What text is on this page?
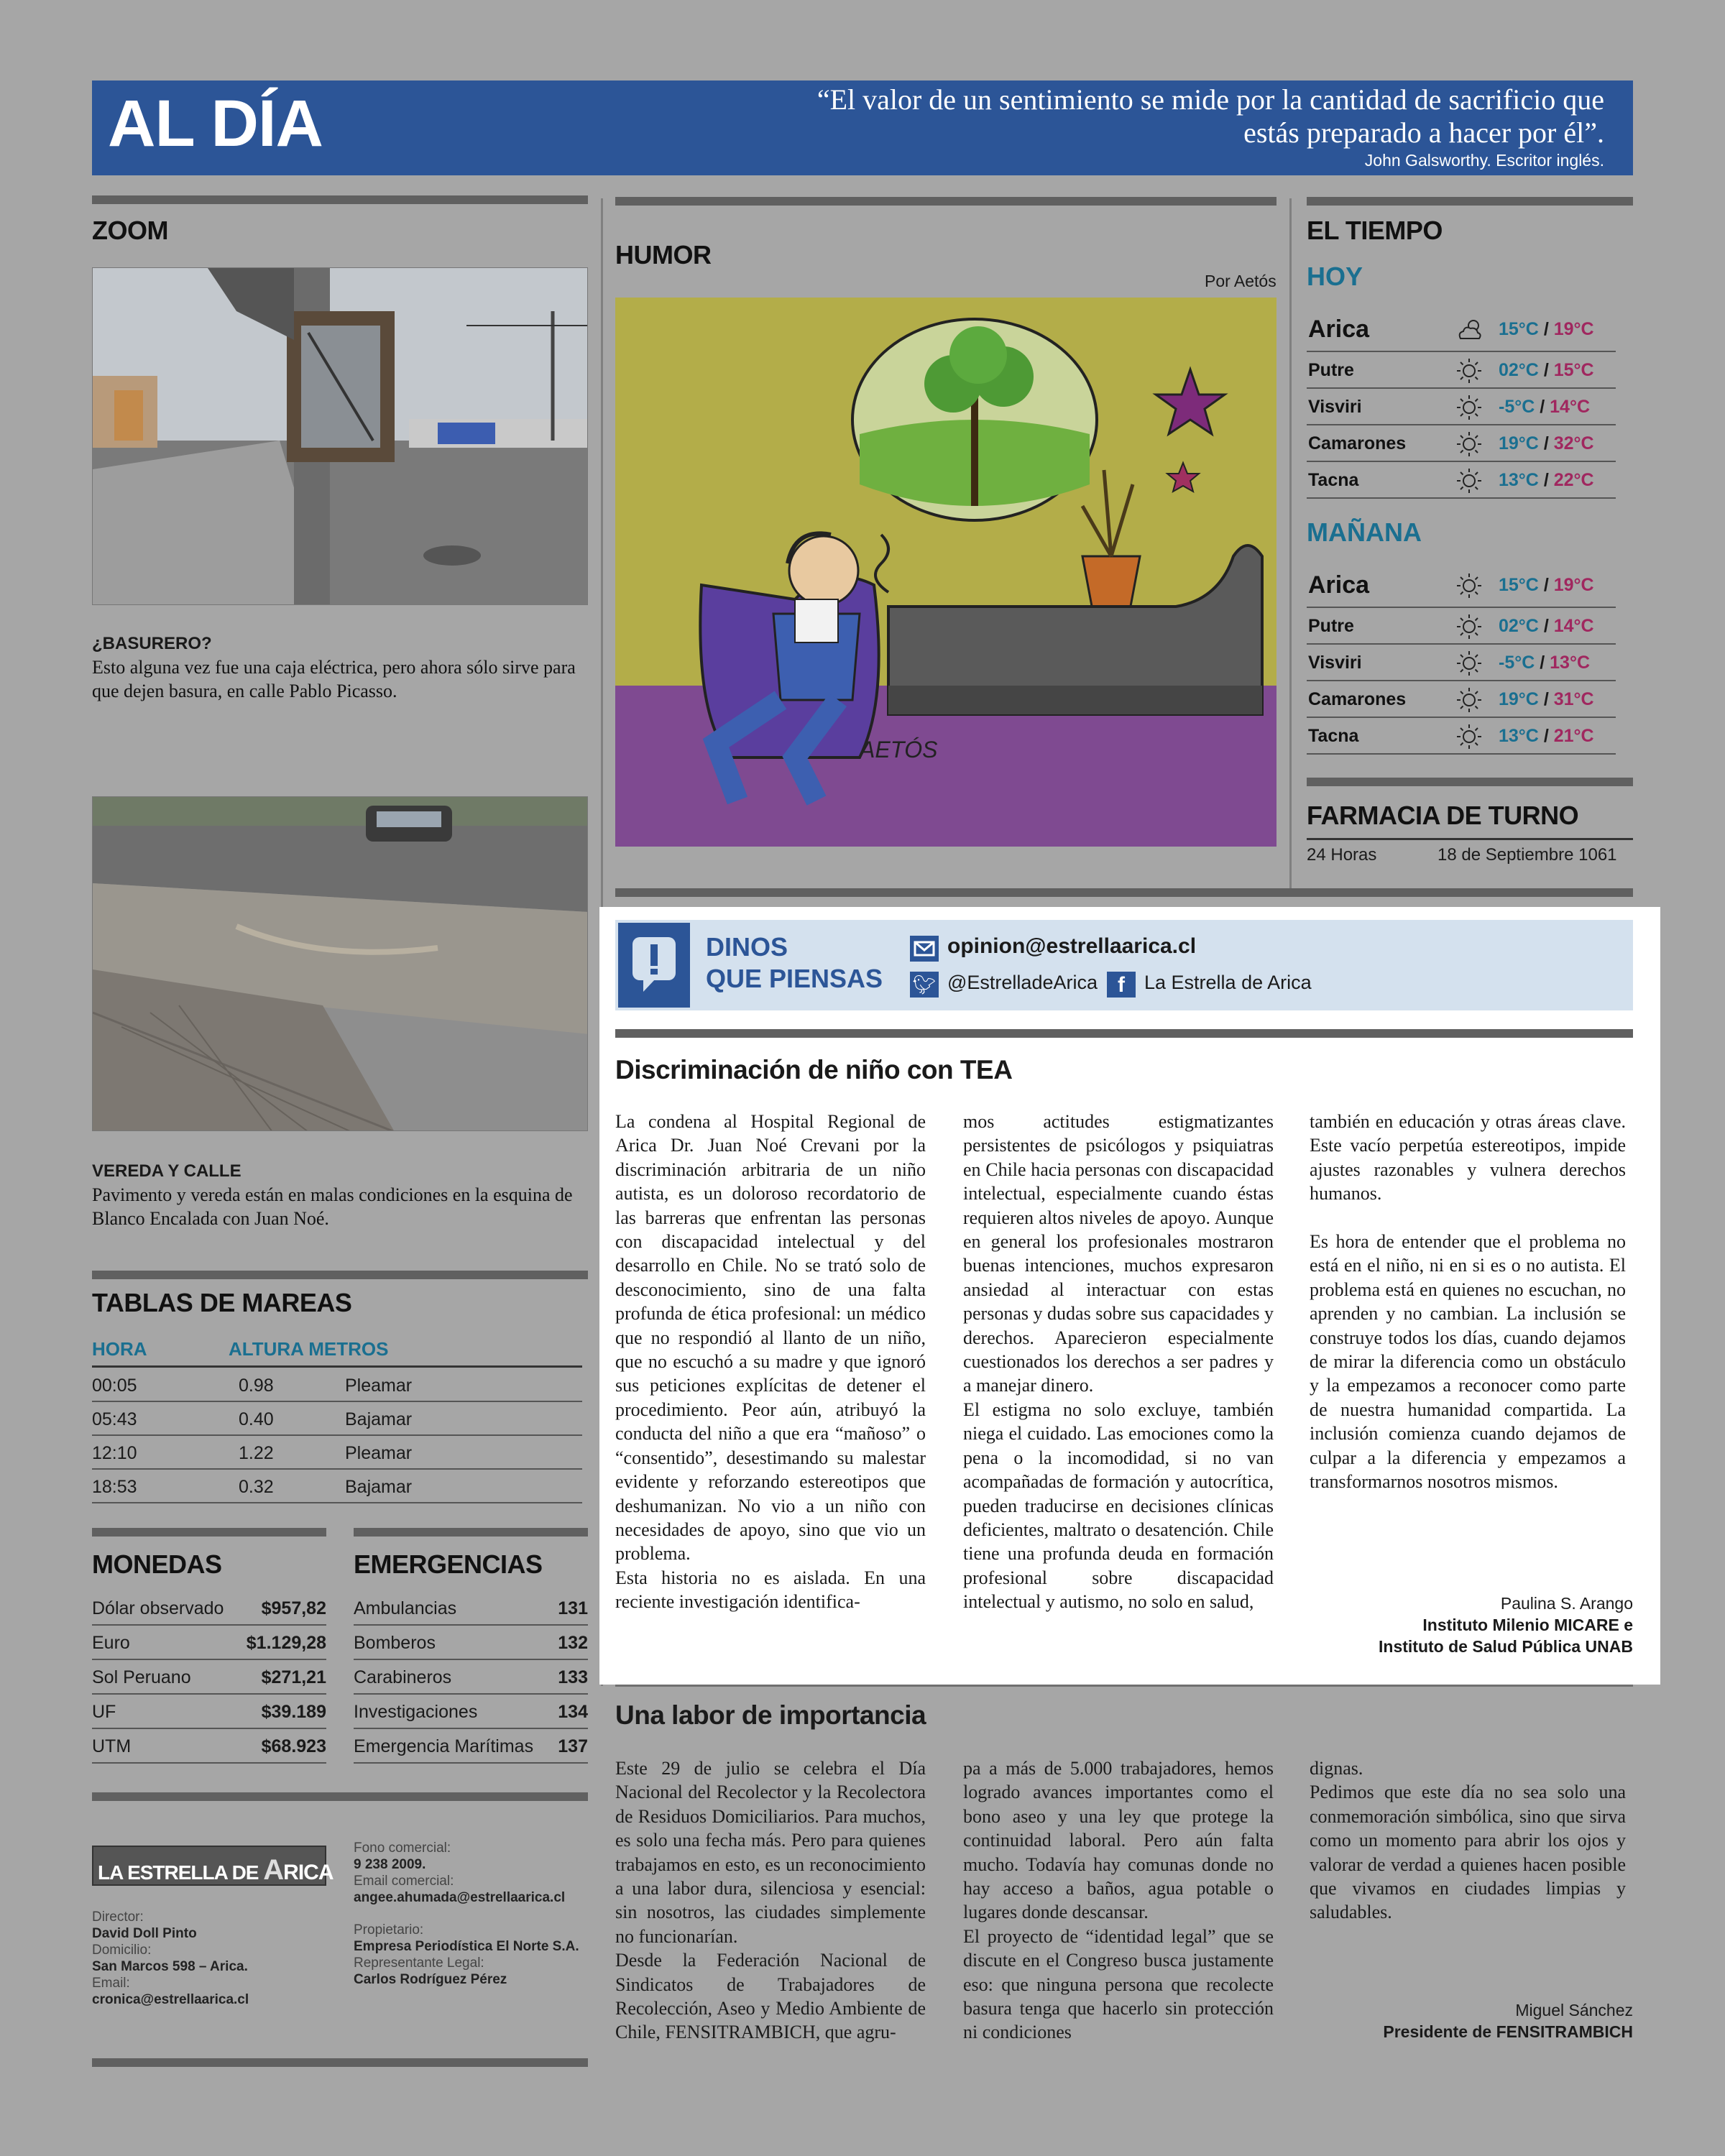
AL DÍA	“El valor de un sentimiento se mide por la cantidad de sacrificio que estás preparado a hacer por él”.
John Galsworthy. Escritor inglés.
ZOOM
¿BASURERO?
Esto alguna vez fue una caja eléctrica, pero ahora sólo sirve para que dejen basura, en calle Pablo Picasso.
VEREDA Y CALLE
Pavimento y vereda están en malas condiciones en la esquina de Blanco Encalada con Juan Noé.
TABLAS DE MAREAS
HORA	ALTURA METROS
00:05	0.98	Pleamar
05:43	0.40	Bajamar
12:10	1.22	Pleamar
18:53	0.32	Bajamar
MONEDAS	EMERGENCIAS
Dólar observado $957,82
Euro	$1.129,28
Sol Peruano	$271,21
UF	$39.189
UTM	$68.923
Ambulancias	131
Bomberos	132
Carabineros	133
Investigaciones	134
Emergencia Marítimas 137
LA ESTRELLA DE ARICA
Director:
David Doll Pinto
Domicilio:
San Marcos 598 – Arica.
Email:
cronica@estrellaarica.cl
Fono comercial:
9 238 2009.
Email comercial:
angee.ahumada@estrellaarica.cl
Propietario:
Empresa Periodística El Norte S.A.
Representante Legal:
Carlos Rodríguez Pérez
HUMOR
Por Aetós
AETÓS
EL TIEMPO
HOY
Arica	15°C / 19°C
Putre	02°C / 15°C
Visviri	-5°C / 14°C
Camarones	19°C / 32°C
Tacna	13°C / 22°C
MAÑANA
Arica	15°C / 19°C
Putre	02°C / 14°C
Visviri	-5°C / 13°C
Camarones	19°C / 31°C
Tacna	13°C / 21°C
FARMACIA DE TURNO
24 Horas	18 de Septiembre 1061
DINOS
QUE PIENSAS
opinion@estrellaarica.cl
🐦︎ @EstrelladeArica f	La Estrella de Arica
Discriminación de niño con TEA
La condena al Hospital Regional de Arica Dr. Juan Noé Crevani por la discriminación arbitraria de un niño autista, es un doloroso recordatorio de las barreras que enfrentan las personas con discapacidad intelectual y del desarrollo en Chile. No se trató solo de desconocimiento, sino de una falta profunda de ética profesional: un médico que no respondió al llanto de un niño, que no escuchó a su madre y que ignoró sus peticiones explícitas de detener el procedimiento. Peor aún, atribuyó la conducta del niño a que era “mañoso” o “consentido”, desestimando su malestar evidente y reforzando estereotipos que deshumanizan. No vio a un niño con necesidades de apoyo, sino que vio un problema.
Esta historia no es aislada. En una reciente investigación identifica-
mos actitudes estigmatizantes persistentes de psicólogos y psiquiatras en Chile hacia personas con discapacidad intelectual, especialmente cuando éstas requieren altos niveles de apoyo. Aunque en general los profesionales mostraron buenas intenciones, muchos expresaron ansiedad al interactuar con estas personas y dudas sobre sus capacidades y derechos. Aparecieron especialmente cuestionados los derechos a ser padres y a manejar dinero.
El estigma no solo excluye, también niega el cuidado. Las emociones como la pena o la incomodidad, si no van acompañadas de formación y autocrítica, pueden traducirse en decisiones clínicas deficientes, maltrato o desatención. Chile tiene una profunda deuda en formación profesional sobre discapacidad intelectual y autismo, no solo en salud,
también en educación y otras áreas clave. Este vacío perpetúa estereotipos, impide ajustes razonables y vulnera derechos humanos.

Es hora de entender que el problema no está en el niño, ni en si es o no autista. El problema está en quienes no escuchan, no aprenden y no cambian. La inclusión se construye todos los días, cuando dejamos de mirar la diferencia como un obstáculo y la empezamos a reconocer como parte de nuestra humanidad compartida. La inclusión comienza cuando dejamos de culpar a la diferencia y empezamos a transformarnos nosotros mismos.
Paulina S. Arango
Instituto Milenio MICARE e
Instituto de Salud Pública UNAB
Una labor de importancia
Este 29 de julio se celebra el Día Nacional del Recolector y la Recolectora de Residuos Domiciliarios. Para muchos, es solo una fecha más. Pero para quienes trabajamos en esto, es un reconocimiento a una labor dura, silenciosa y esencial: sin nosotros, las ciudades simplemente no funcionarían.
Desde la Federación Nacional de Sindicatos de Trabajadores de Recolección, Aseo y Medio Ambiente de Chile, FENSITRAMBICH, que agru-
pa a más de 5.000 trabajadores, hemos logrado avances importantes como el bono aseo y una ley que protege la continuidad laboral. Pero aún falta mucho. Todavía hay comunas donde no hay acceso a baños, agua potable o lugares donde descansar.
El proyecto de “identidad legal” que se discute en el Congreso busca justamente eso: que ninguna persona que recolecte basura tenga que hacerlo sin protección ni condiciones
dignas.
Pedimos que este día no sea solo una conmemoración simbólica, sino que sirva como un momento para abrir los ojos y valorar de verdad a quienes hacen posible que vivamos en ciudades limpias y saludables.
Miguel Sánchez
Presidente de FENSITRAMBICH
